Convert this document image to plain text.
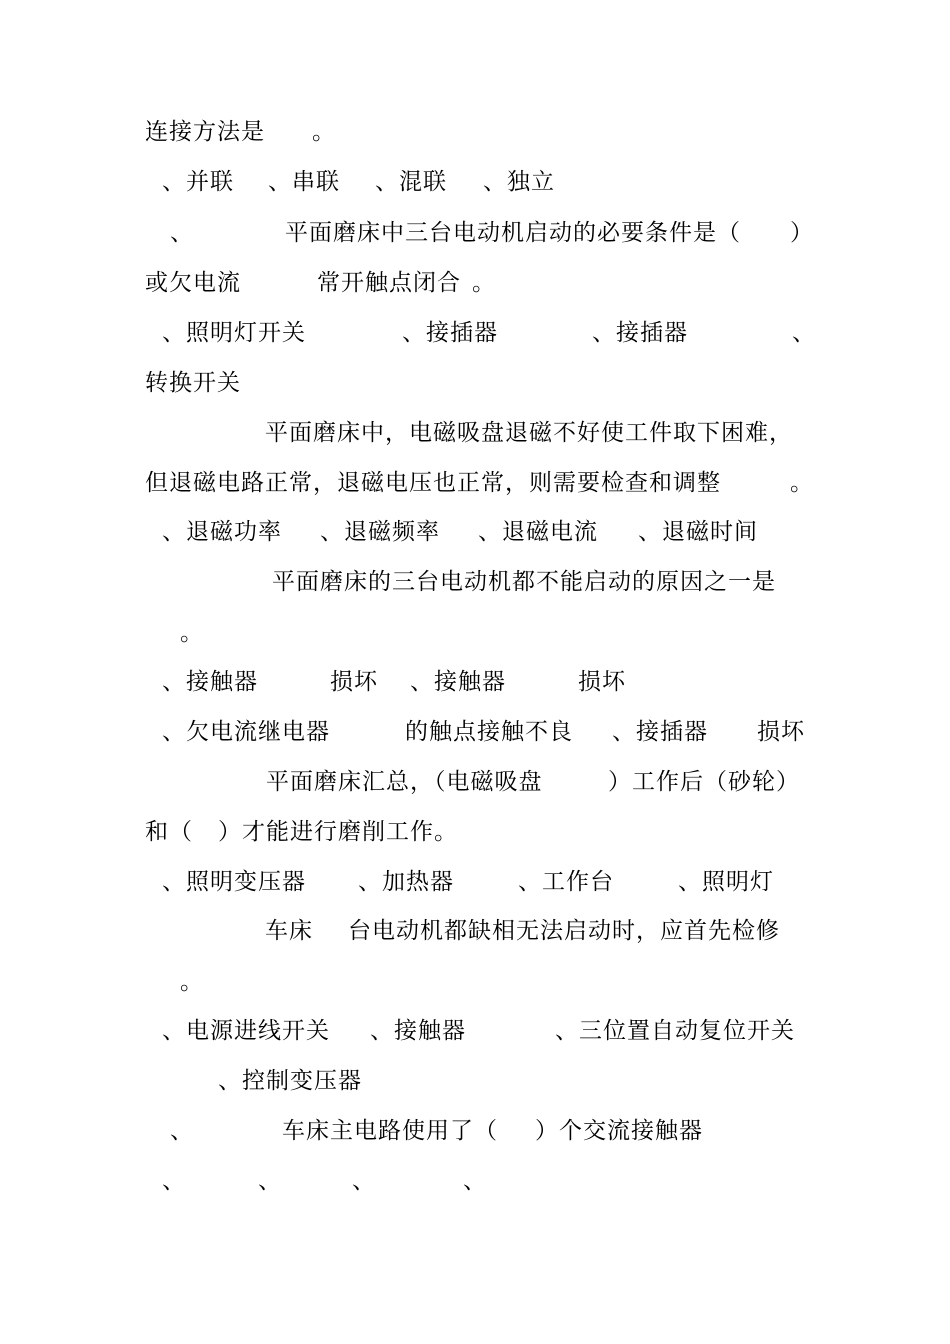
连接方法是 。
、并联 、串联 、混联 、独立
、	平面磨床中三台电动机启动的必要条件是（ ）
或欠电流	常开触点闭合 。
、照明灯开关	、接插器	、接插器	、
转换开关
平面磨床中，电磁吸盘退磁不好使工件取下困难，
但退磁电路正常，退磁电压也正常，则需要检查和调整	。
、退磁功率 、退磁频率 、退磁电流 、退磁时间
平面磨床的三台电动机都不能启动的原因之一是
。
、接触器	损坏 、接触器	损坏
、欠电流继电器	的触点接触不良 、接插器 损坏
平面磨床汇总，（电磁吸盘	）工作后（砂轮）
和（ ）才能进行磨削工作。
、照明变压器 、加热器	、工作台	、照明灯
车床 台电动机都缺相无法启动时，应首先检修
。
、电源进线开关 、接触器	、三位置自动复位开关
、控制变压器
、	车床主电路使用了（ ）个交流接触器
、	、	、	、
